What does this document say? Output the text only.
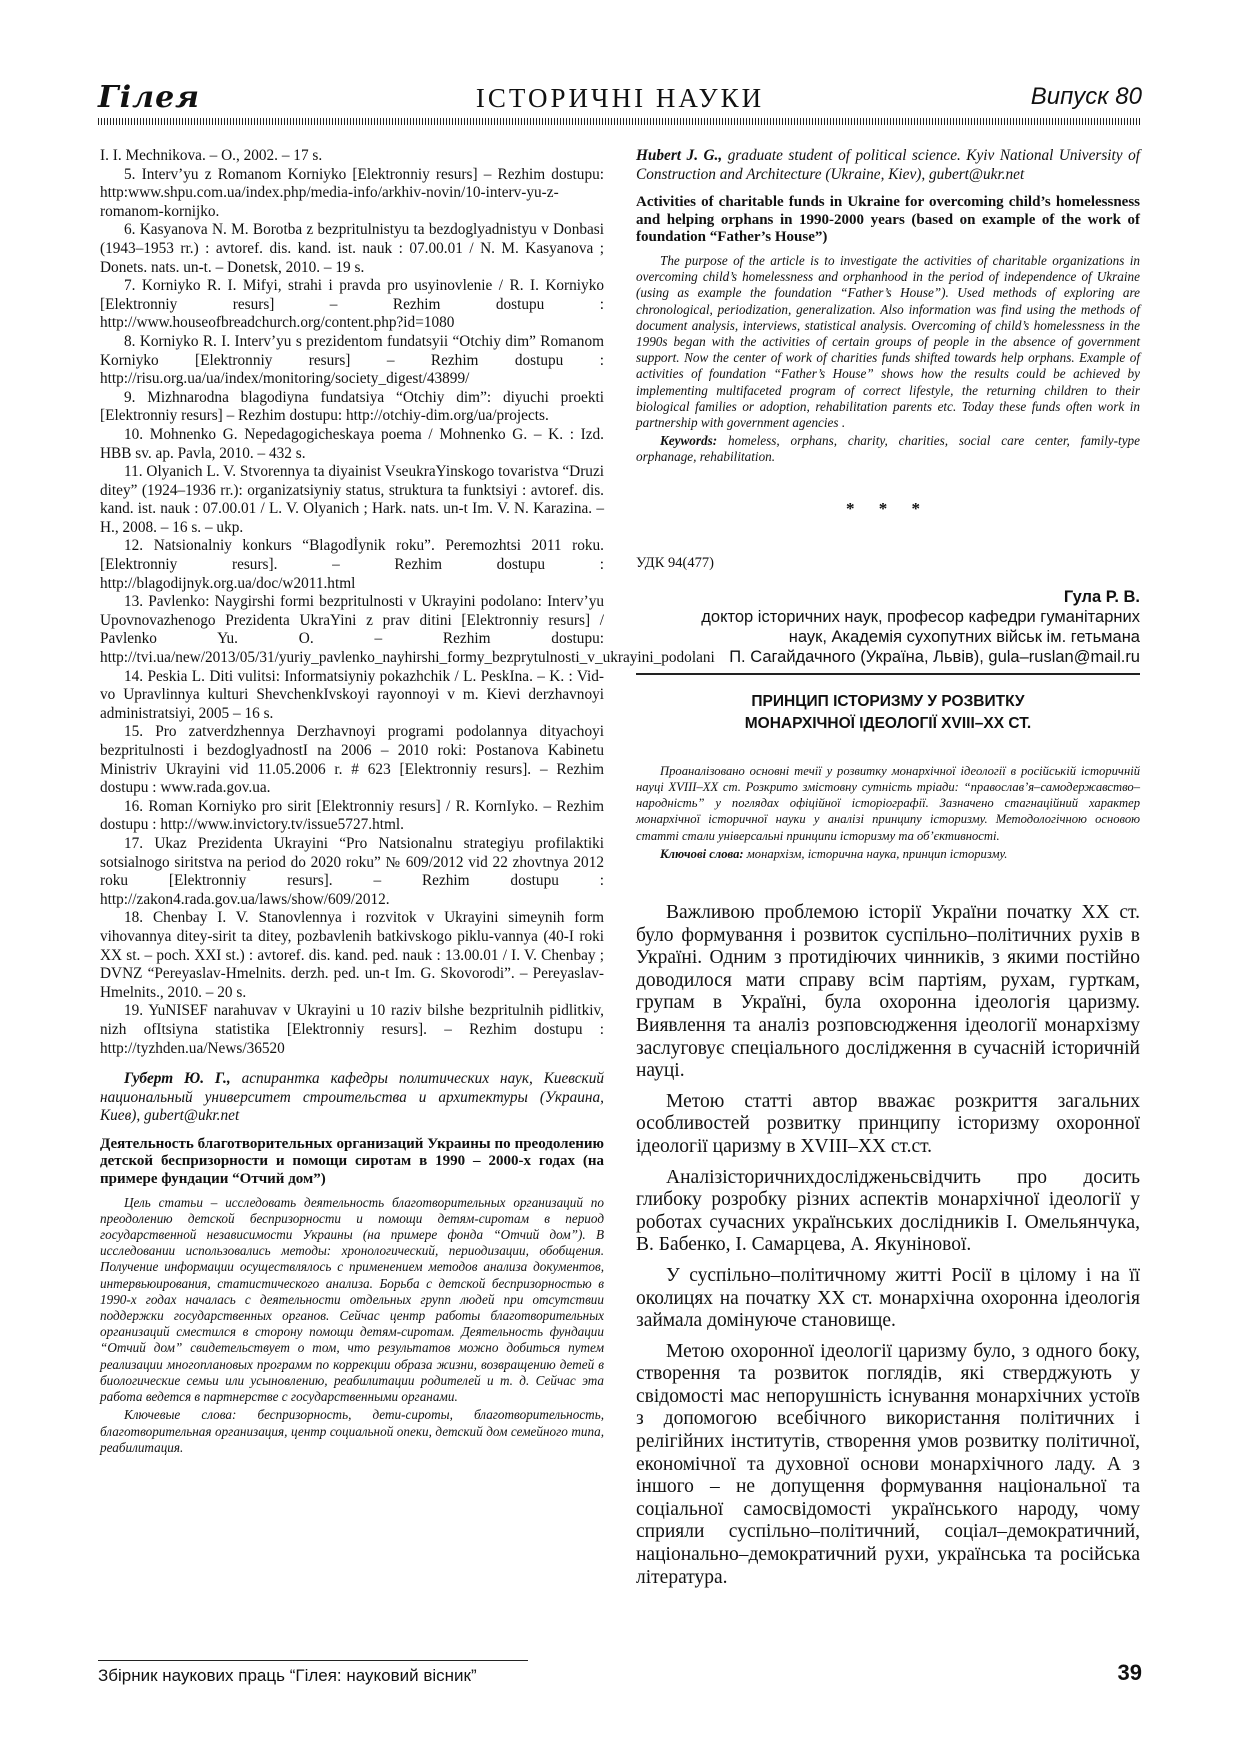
Гілея	ІСТОРИЧНІ НАУКИ	Випуск 80

I. I. Mechnikova. – O., 2002. – 17 s.

5. Interv’yu z Romanom Korniyko [Elektronniy resurs] – Rezhim dostupu: http:www.shpu.com.ua/index.php/media-info/arkhiv-novin/10-interv-yu-z-romanom-kornijko.

6. Kasyanova N. M. Borotba z bezpritulnistyu ta bezdoglyadnistyu v Donbasi (1943–1953 rr.) : avtoref. dis. kand. ist. nauk : 07.00.01 / N. M. Kasyanova ; Donets. nats. un-t. – Donetsk, 2010. – 19 s.

7. Korniyko R. I. Mifyi, strahi i pravda pro usyinovlenie / R. I. Korniyko [Elektronniy resurs] – Rezhim dostupu : http://www.houseofbreadchurch.org/content.php?id=1080

8. Korniyko R. I. Interv’yu s prezidentom fundatsyii “Otchiy dim” Romanom Korniyko [Elektronniy resurs] – Rezhim dostupu : http://risu.org.ua/ua/index/monitoring/society_digest/43899/

9. Mizhnarodna blagodiyna fundatsiya “Otchiy dim”: diyuchi proekti [Elektronniy resurs] – Rezhim dostupu: http://otchiy-dim.org/ua/projects.

10. Mohnenko G. Nepedagogicheskaya poema / Mohnenko G. – K. : Izd. HBB sv. ap. Pavla, 2010. – 432 s.

11. Olyanich L. V. Stvorennya ta diyainist VseukraYinskogo tovaristva “Druzi ditey” (1924–1936 rr.): organizatsiyniy status, struktura ta funktsiyi : avtoref. dis. kand. ist. nauk : 07.00.01 / L. V. Olyanich ; Hark. nats. un-t Im. V. N. Karazina. – H., 2008. – 16 s. – ukp.

12. Natsionalniy konkurs “Blagodİynik roku”. Peremozhtsi 2011 roku. [Elektronniy resurs]. – Rezhim dostupu : http://blagodijnyk.org.ua/doc/w2011.html

13. Pavlenko: Naygirshi formi bezpritulnosti v Ukrayini podolano: Interv’yu Upovnovazhenogo Prezidenta UkraYini z prav ditini [Elektronniy resurs] / Pavlenko Yu. O. – Rezhim dostupu: http://tvi.ua/new/2013/05/31/yuriy_pavlenko_nayhirshi_formy_bezprytulnosti_v_ukrayini_podolani

14. Peskia L. Diti vulitsi: Informatsiyniy pokazhchik / L. PeskIna. – K. : Vid-vo Upravlinnya kulturi ShevchenkIvskoyi rayonnoyi v m. Kievi derzhavnoyi administratsiyi, 2005 – 16 s.

15. Pro zatverdzhennya Derzhavnoyi programi podolannya dityachoyi bezpritulnosti i bezdoglyadnostI na 2006 – 2010 roki: Postanova Kabinetu Ministriv Ukrayini vid 11.05.2006 r. # 623 [Elektronniy resurs]. – Rezhim dostupu : www.rada.gov.ua.

16. Roman Korniyko pro sirit [Elektronniy resurs] / R. KornIyko. – Rezhim dostupu : http://www.invictory.tv/issue5727.html.

17. Ukaz Prezidenta Ukrayini “Pro Natsionalnu strategiyu profilaktiki sotsialnogo siritstva na period do 2020 roku” № 609/2012 vid 22 zhovtnya 2012 roku [Elektronniy resurs]. – Rezhim dostupu : http://zakon4.rada.gov.ua/laws/show/609/2012.

18. Chenbay I. V. Stanovlennya i rozvitok v Ukrayini simeynih form vihovannya ditey-sirit ta ditey, pozbavlenih batkivskogo piklu-vannya (40-I roki XX st. – poch. XXI st.) : avtoref. dis. kand. ped. nauk : 13.00.01 / I. V. Chenbay ; DVNZ “Pereyaslav-Hmelnits. derzh. ped. un-t Im. G. Skovorodi”. – Pereyaslav-Hmelnits., 2010. – 20 s.

19. YuNISEF narahuvav v Ukrayini u 10 raziv bilshe bezpritulnih pidlitkiv, nizh ofItsiyna statistika [Elektronniy resurs]. – Rezhim dostupu : http://tyzhden.ua/News/36520

Губерт Ю. Г., аспирантка кафедры политических наук, Киевский национальный университет строительства и архитектуры (Украина, Киев), gubert@ukr.net

Деятельность благотворительных организаций Украины по преодолению детской беспризорности и помощи сиротам в 1990 – 2000-х годах (на примере фундации “Отчий дом”)

Цель статьи – исследовать деятельность благотворительных организаций по преодолению детской беспризорности и помощи детям-сиротам в период государственной независимости Украины (на примере фонда “Отчий дом”). В исследовании использовались методы: хронологический, периодизации, обобщения. Получение информации осуществлялось с применением методов анализа документов, интервьюирования, статистического анализа. Борьба с детской беспризорностью в 1990-х годах началась с деятельности отдельных групп людей при отсутствии поддержки государственных органов. Сейчас центр работы благотворительных организаций сместился в сторону помощи детям-сиротам. Деятельность фундации “Отчий дом” свидетельствует о том, что результатов можно добиться путем реализации многоплановых программ по коррекции образа жизни, возвращению детей в биологические семьи или усыновлению, реабилитации родителей и т. д. Сейчас эта работа ведется в партнерстве с государственными органами.

Ключевые слова: беспризорность, дети-сироты, благотворительность, благотворительная организация, центр социальной опеки, детский дом семейного типа, реабилитация.

Hubert J. G., graduate student of political science. Kyiv National University of Construction and Architecture (Ukraine, Kiev), gubert@ukr.net

Activities of charitable funds in Ukraine for overcoming child’s homelessness and helping orphans in 1990-2000 years (based on example of the work of foundation “Father’s House”)

The purpose of the article is to investigate the activities of charitable organizations in overcoming child’s homelessness and orphanhood in the period of independence of Ukraine (using as example the foundation “Father’s House”). Used methods of exploring are chronological, periodization, generalization. Also information was find using the methods of document analysis, interviews, statistical analysis. Overcoming of child’s homelessness in the 1990s began with the activities of certain groups of people in the absence of government support. Now the center of work of charities funds shifted towards help orphans. Example of activities of foundation “Father’s House” shows how the results could be achieved by implementing multifaceted program of correct lifestyle, the returning children to their biological families or adoption, rehabilitation parents etc. Today these funds often work in partnership with government agencies .

Keywords: homeless, orphans, charity, charities, social care center, family-type orphanage, rehabilitation.

* * *
УДК 94(477)
Гула Р. В.
доктор історичних наук, професор кафедри гуманітарних
наук, Академія сухопутних військ ім. гетьмана
П. Сагайдачного (Україна, Львів), gula–ruslan@mail.ru
ПРИНЦИП ІСТОРИЗМУ У РОЗВИТКУ
МОНАРХІЧНОЇ ІДЕОЛОГІЇ XVIII–XX СТ.

Проаналізовано основні течії у розвитку монархічної ідеології в російській історичній науці XVIII–XX ст. Розкрито змістовну сутність тріади: “православ’я–самодержавство–народність” у поглядах офіційної історіографії. Зазначено стагнаційний характер монархічної історичної науки у аналізі принципу історизму. Методологічною основою статті стали універсальні принципи історизму та об’єктивності.

Ключові слова: монархізм, історична наука, принцип історизму.

Важливою проблемою історії України початку XX ст. було формування і розвиток суспільно–політичних рухів в Україні. Одним з протидіючих чинників, з якими постійно доводилося мати справу всім партіям, рухам, гурткам, групам в Україні, була охоронна ідеологія царизму. Виявлення та аналіз розповсюдження ідеології монархізму заслуговує спеціального дослідження в сучасній історичній науці.

Метою статті автор вважає розкриття загальних особливостей розвитку принципу історизму охоронної ідеології царизму в XVIII–XX ст.ст.

Аналізісторичнихдослідженьсвідчить про досить глибоку розробку різних аспектів монархічної ідеології у роботах сучасних українських дослідників І. Омельянчука, В. Бабенко, І. Самарцева, А. Якунінової.

У суспільно–політичному житті Росії в цілому і на її околицях на початку XX ст. монархічна охоронна ідеологія займала домінуюче становище.

Метою охоронної ідеології царизму було, з одного боку, створення та розвиток поглядів, які стверджують у свідомості мас непорушність існування монархічних устоїв з допомогою всебічного використання політичних і релігійних інститутів, створення умов розвитку політичної, економічної та духовної основи монархічного ладу. А з іншого – не допущення формування національної та соціальної самосвідомості українського народу, чому сприяли суспільно–політичний, соціал–демократичний, національно–демократичний рухи, українська та російська література.

Збірник наукових праць “Гілея: науковий вісник”	39
